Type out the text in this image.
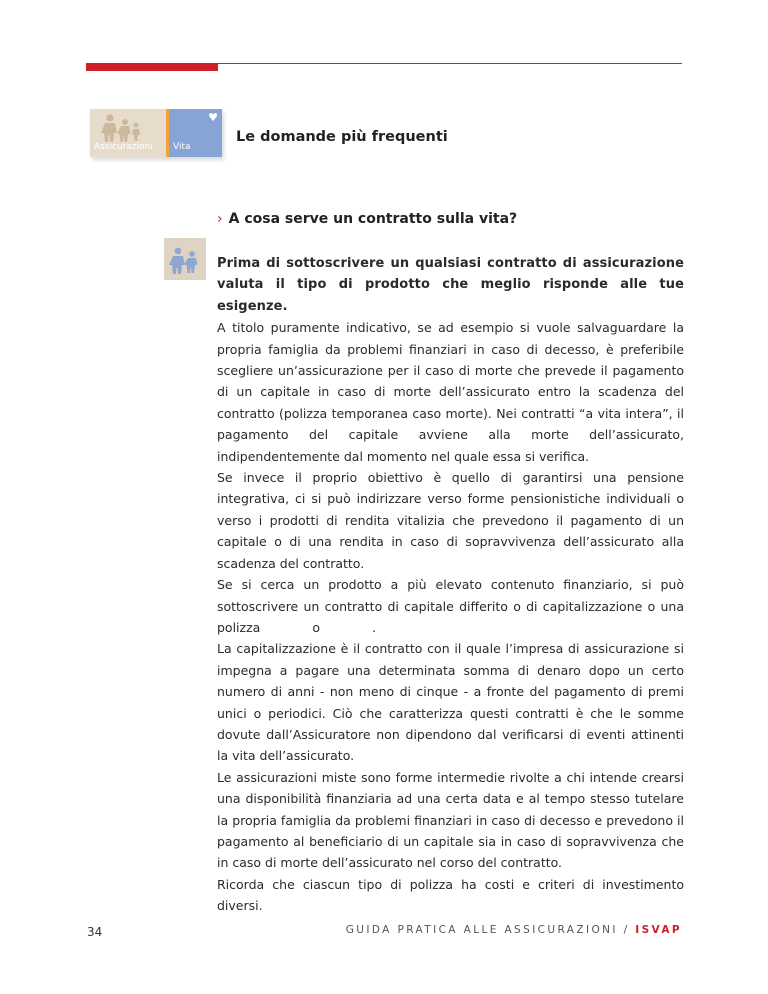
Assicurazioni
♥
Vita
Le domande più frequenti
› A cosa serve un contratto sulla vita?

Prima di sottoscrivere un qualsiasi contratto di assicurazione valuta il tipo di prodotto che meglio risponde alle tue esigenze.

A titolo puramente indicativo, se ad esempio si vuole salvaguardare la propria famiglia da problemi finanziari in caso di decesso, è preferibile scegliere un’assicurazione per il caso di morte che prevede il pagamento di un capitale in caso di morte dell’assicurato entro la scadenza del contratto (polizza temporanea caso morte). Nei contratti “a vita intera”, il pagamento del capitale avviene alla morte dell’assicurato, indipendentemente dal momento nel quale essa si verifica.

Se invece il proprio obiettivo è quello di garantirsi una pensione integrativa, ci si può indirizzare verso forme pensionistiche individuali o verso i prodotti di rendita vitalizia che prevedono il pagamento di un capitale o di una rendita in caso di sopravvivenza dell’assicurato alla scadenza del contratto.

Se si cerca un prodotto a più elevato contenuto finanziario, si può sottoscrivere un contratto di capitale differito o di capitalizzazione o una polizza	o	.

La capitalizzazione è il contratto con il quale l’impresa di assicurazione si impegna a pagare una determinata somma di denaro dopo un certo numero di anni - non meno di cinque - a fronte del pagamento di premi unici o periodici. Ciò che caratterizza questi contratti è che le somme dovute dall’Assicuratore non dipendono dal verificarsi di eventi attinenti la vita dell’assicurato.

Le assicurazioni miste sono forme intermedie rivolte a chi intende crearsi una disponibilità finanziaria ad una certa data e al tempo stesso tutelare la propria famiglia da problemi finanziari in caso di decesso e prevedono il pagamento al beneficiario di un capitale sia in caso di sopravvivenza che in caso di morte dell’assicurato nel corso del contratto.

Ricorda che ciascun tipo di polizza ha costi e criteri di investimento diversi.

34	GUIDA PRATICA ALLE ASSICURAZIONI / ISVAP
